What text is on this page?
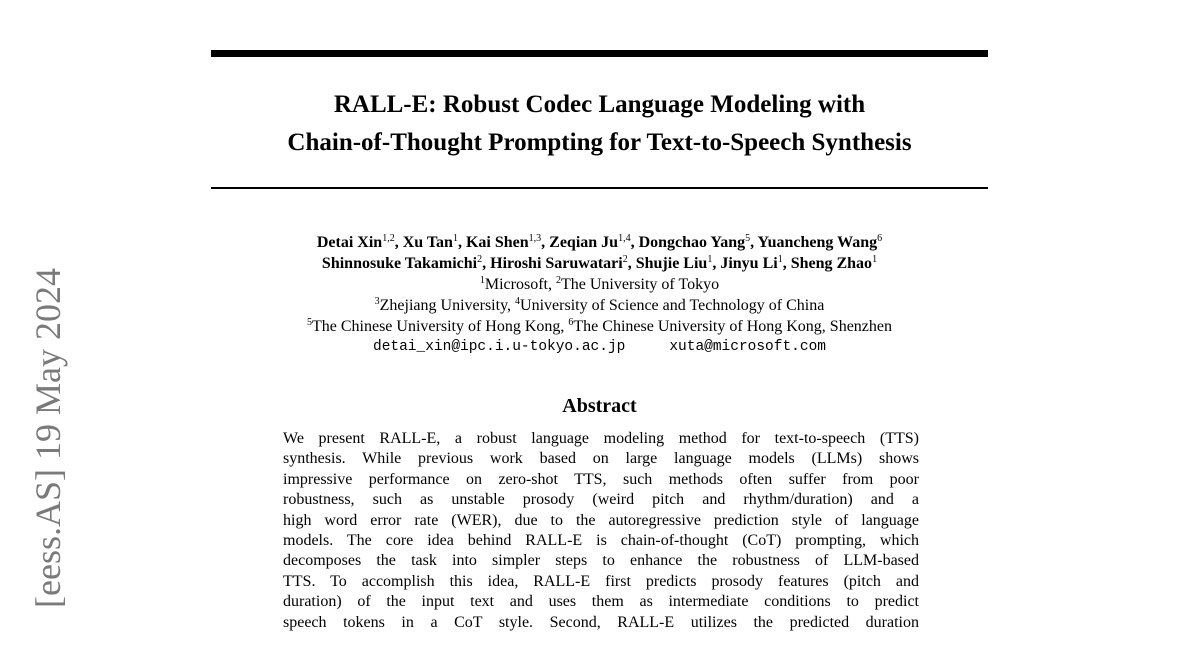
[eess.AS] 19 May 2024
RALL-E: Robust Codec Language Modeling with
Chain-of-Thought Prompting for Text-to-Speech Synthesis
Detai Xin$^{1,2}$, Xu Tan$^1$, Kai Shen$^{1,3}$, Zeqian Ju$^{1,4}$, Dongchao Yang$^5$, Yuancheng Wang$^6$
Shinnosuke Takamichi$^2$, Hiroshi Saruwatari$^2$, Shujie Liu$^1$, Jinyu Li$^1$, Sheng Zhao$^1$
$^1$Microsoft, $^2$The University of Tokyo
$^3$Zhejiang University, $^4$University of Science and Technology of China
$^5$The Chinese University of Hong Kong, $^6$The Chinese University of Hong Kong, Shenzhen
detai_xin@ipc.i.u-tokyo.ac.jp	xuta@microsoft.com
Abstract
We present RALL-E, a robust language modeling method for text-to-speech (TTS)
synthesis. While previous work based on large language models (LLMs) shows
impressive performance on zero-shot TTS, such methods often suffer from poor
robustness, such as unstable prosody (weird pitch and rhythm/duration) and a
high word error rate (WER), due to the autoregressive prediction style of language
models. The core idea behind RALL-E is chain-of-thought (CoT) prompting, which
decomposes the task into simpler steps to enhance the robustness of LLM-based
TTS. To accomplish this idea, RALL-E first predicts prosody features (pitch and
duration) of the input text and uses them as intermediate conditions to predict
speech tokens in a CoT style. Second, RALL-E utilizes the predicted duration
